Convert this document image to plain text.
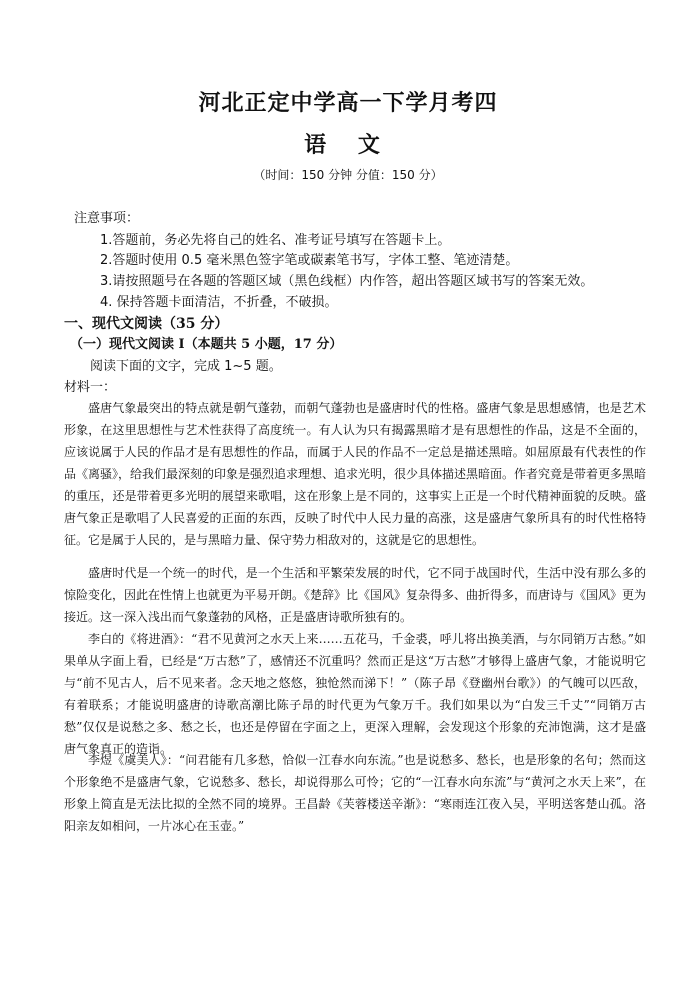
河北正定中学高一下学月考四
语 文
（时间：150 分钟 分值：150 分）
注意事项：
1.答题前，务必先将自己的姓名、准考证号填写在答题卡上。
2.答题时使用 0.5 毫米黑色签字笔或碳素笔书写，字体工整、笔迹清楚。
3.请按照题号在各题的答题区域（黑色线框）内作答，超出答题区域书写的答案无效。
4. 保持答题卡面清洁，不折叠，不破损。
一、现代文阅读（35 分）
（一）现代文阅读 I（本题共 5 小题，17 分）
阅读下面的文字，完成 1~5 题。
材料一：

盛唐气象最突出的特点就是朝气蓬勃，而朝气蓬勃也是盛唐时代的性格。盛唐气象是思想感情，也是艺术形象，在这里思想性与艺术性获得了高度统一。有人认为只有揭露黑暗才是有思想性的作品，这是不全面的，应该说属于人民的作品才是有思想性的作品，而属于人民的作品不一定总是描述黑暗。如屈原最有代表性的作品《离骚》，给我们最深刻的印象是强烈追求理想、追求光明，很少具体描述黑暗面。作者究竟是带着更多黑暗的重压，还是带着更多光明的展望来歌唱，这在形象上是不同的，这事实上正是一个时代精神面貌的反映。盛唐气象正是歌唱了人民喜爱的正面的东西，反映了时代中人民力量的高涨，这是盛唐气象所具有的时代性格特征。它是属于人民的，是与黑暗力量、保守势力相敌对的，这就是它的思想性。

盛唐时代是一个统一的时代，是一个生活和平繁荣发展的时代，它不同于战国时代，生活中没有那么多的惊险变化，因此在性情上也就更为平易开朗。《楚辞》比《国风》复杂得多、曲折得多，而唐诗与《国风》更为接近。这一深入浅出而气象蓬勃的风格，正是盛唐诗歌所独有的。

李白的《将进酒》：“君不见黄河之水天上来……五花马，千金裘，呼儿将出换美酒，与尔同销万古愁。”如果单从字面上看，已经是“万古愁”了，感情还不沉重吗？然而正是这“万古愁”才够得上盛唐气象，才能说明它与“前不见古人，后不见来者。念天地之悠悠，独怆然而涕下！”（陈子昂《登幽州台歌》）的气魄可以匹敌，有着联系；才能说明盛唐的诗歌高潮比陈子昂的时代更为气象万千。我们如果以为“白发三千丈”“同销万古愁”仅仅是说愁之多、愁之长，也还是停留在字面之上，更深入理解，会发现这个形象的充沛饱满，这才是盛唐气象真正的造诣。

李煜《虞美人》：“问君能有几多愁，恰似一江春水向东流。”也是说愁多、愁长，也是形象的名句；然而这个形象绝不是盛唐气象，它说愁多、愁长，却说得那么可怜；它的“一江春水向东流”与“黄河之水天上来”，在形象上简直是无法比拟的全然不同的境界。王昌龄《芙蓉楼送辛渐》：“寒雨连江夜入吴，平明送客楚山孤。洛阳亲友如相问，一片冰心在玉壶。”
